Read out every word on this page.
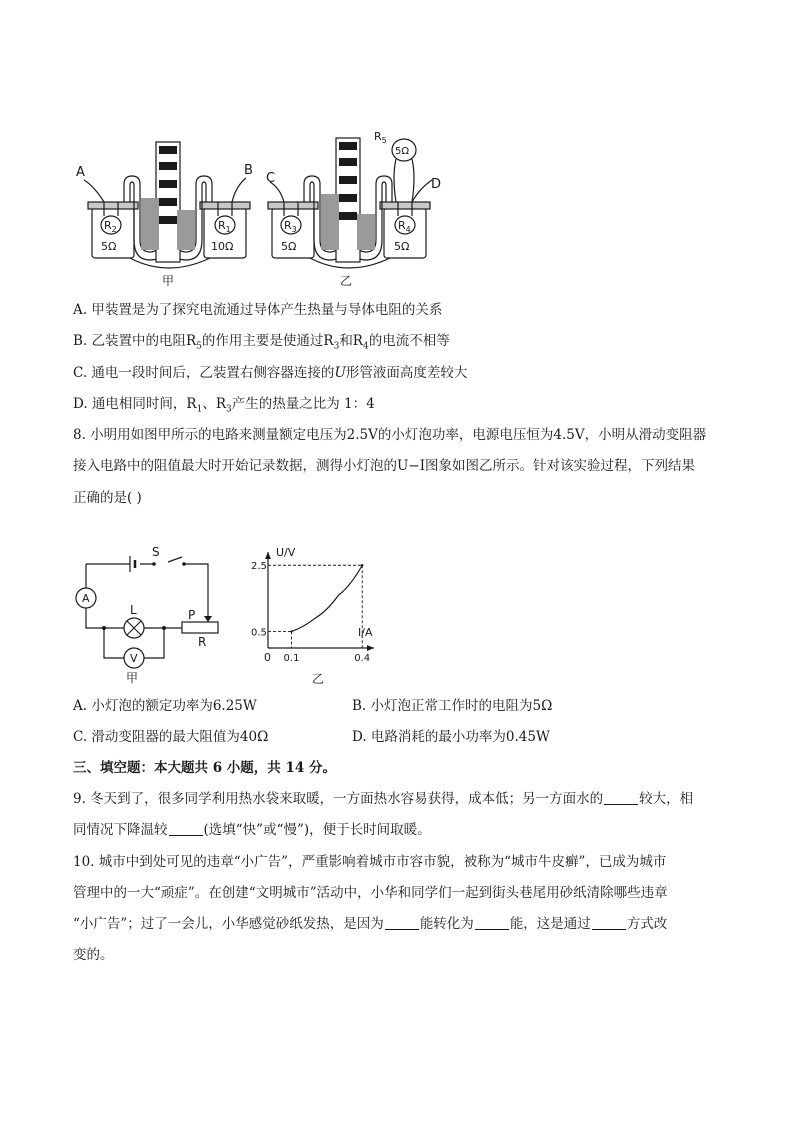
A	B
$R_2$
5Ω
$R_1$
10Ω
甲
C	D
$R_3$
5Ω
$R_4$
5Ω
$R_5$
5Ω
乙
A. 甲装置是为了探究电流通过导体产生热量与导体电阻的关系
B. 乙装置中的电阻$R_5$的作用主要是使通过$R_3$和$R_4$的电流不相等
C. 通电一段时间后，乙装置右侧容器连接的U形管液面高度差较大
D. 通电相同时间，$R_1$、$R_3$产生的热量之比为 1：4
8. 小明用如图甲所示的电路来测量额定电压为2.5V的小灯泡功率，电源电压恒为4.5V，小明从滑动变阻器
接入电路中的阻值最大时开始记录数据，测得小灯泡的U−I图象如图乙所示。针对该实验过程，下列结果
正确的是( )
S
A
L	P
R
V
甲
0.5
0.1
2.5
0.4
U/V
I/A
0
乙
A. 小灯泡的额定功率为6.25W	B. 小灯泡正常工作时的电阻为5Ω
C. 滑动变阻器的最大阻值为40Ω	D. 电路消耗的最小功率为0.45W
三、填空题：本大题共 6 小题，共 14 分。
9. 冬天到了，很多同学利用热水袋来取暖，一方面热水容易获得，成本低；另一方面水的	较大，相
同情况下降温较	(选填“快”或“慢”)，便于长时间取暖。
10. 城市中到处可见的违章“小广告”，严重影响着城市市容市貌，被称为“城市牛皮癣”，已成为城市
管理中的一大“顽症”。在创建“文明城市”活动中，小华和同学们一起到街头巷尾用砂纸清除哪些违章
“小广告”；过了一会儿，小华感觉砂纸发热，是因为	能转化为	能，这是通过	方式改
变的。
